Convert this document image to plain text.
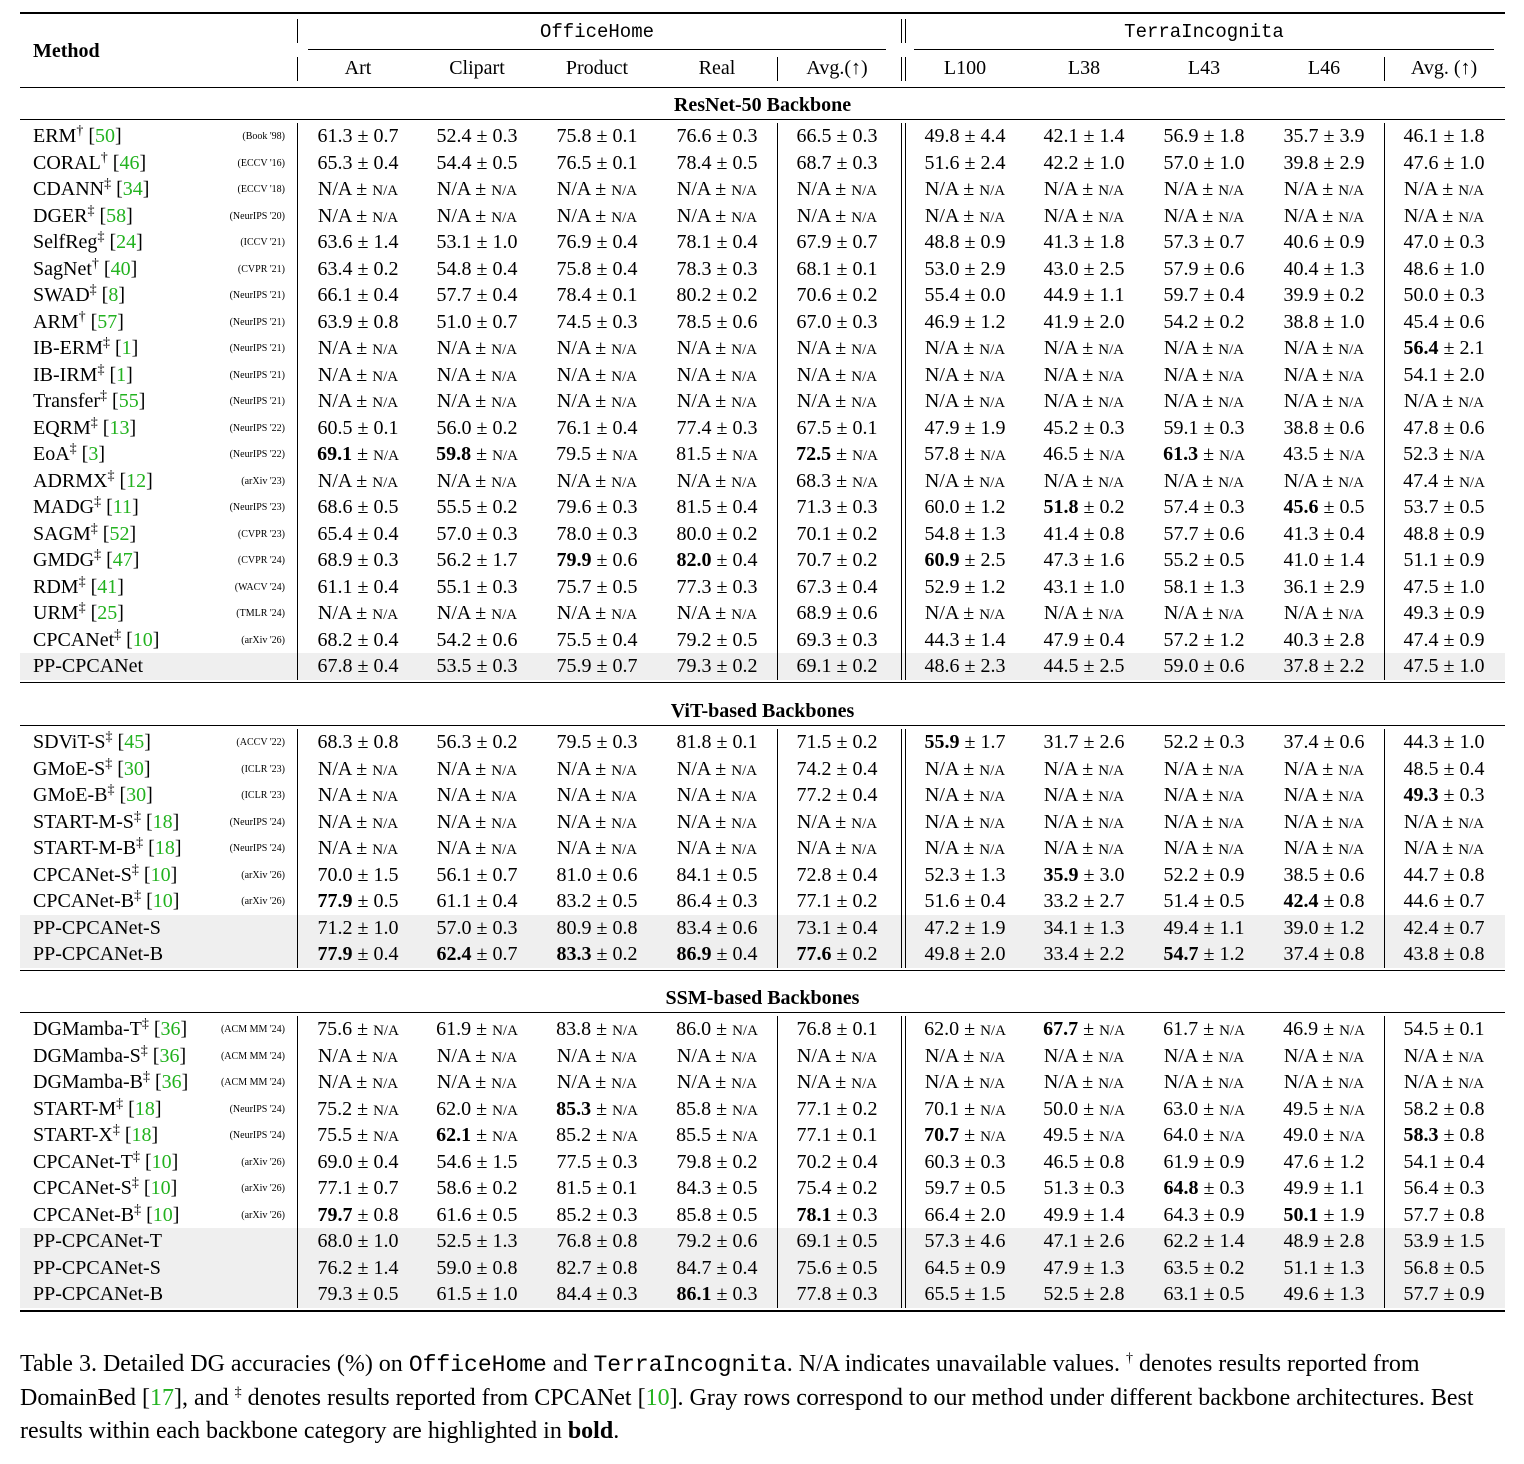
Method
OfficeHome	TerraIncognita
Art	Clipart	Product	Real	Avg.(↑)	L100	L38	L43	L46	Avg. (↑)
ResNet-50 Backbone
ERM† [50]	(Book '98)	61.3 ± 0.7	52.4 ± 0.3	75.8 ± 0.1	76.6 ± 0.3	66.5 ± 0.3	49.8 ± 4.4	42.1 ± 1.4	56.9 ± 1.8	35.7 ± 3.9	46.1 ± 1.8
CORAL† [46]	(ECCV '16)	65.3 ± 0.4	54.4 ± 0.5	76.5 ± 0.1	78.4 ± 0.5	68.7 ± 0.3	51.6 ± 2.4	42.2 ± 1.0	57.0 ± 1.0	39.8 ± 2.9	47.6 ± 1.0
CDANN‡ [34]	(ECCV '18)	N/A ± N/A	N/A ± N/A	N/A ± N/A	N/A ± N/A	N/A ± N/A	N/A ± N/A	N/A ± N/A	N/A ± N/A	N/A ± N/A	N/A ± N/A
DGER‡ [58]	(NeurIPS '20)	N/A ± N/A	N/A ± N/A	N/A ± N/A	N/A ± N/A	N/A ± N/A	N/A ± N/A	N/A ± N/A	N/A ± N/A	N/A ± N/A	N/A ± N/A
SelfReg‡ [24]	(ICCV '21)	63.6 ± 1.4	53.1 ± 1.0	76.9 ± 0.4	78.1 ± 0.4	67.9 ± 0.7	48.8 ± 0.9	41.3 ± 1.8	57.3 ± 0.7	40.6 ± 0.9	47.0 ± 0.3
SagNet† [40]	(CVPR '21)	63.4 ± 0.2	54.8 ± 0.4	75.8 ± 0.4	78.3 ± 0.3	68.1 ± 0.1	53.0 ± 2.9	43.0 ± 2.5	57.9 ± 0.6	40.4 ± 1.3	48.6 ± 1.0
SWAD‡ [8]	(NeurIPS '21)	66.1 ± 0.4	57.7 ± 0.4	78.4 ± 0.1	80.2 ± 0.2	70.6 ± 0.2	55.4 ± 0.0	44.9 ± 1.1	59.7 ± 0.4	39.9 ± 0.2	50.0 ± 0.3
ARM† [57]	(NeurIPS '21)	63.9 ± 0.8	51.0 ± 0.7	74.5 ± 0.3	78.5 ± 0.6	67.0 ± 0.3	46.9 ± 1.2	41.9 ± 2.0	54.2 ± 0.2	38.8 ± 1.0	45.4 ± 0.6
IB-ERM‡ [1]	(NeurIPS '21)	N/A ± N/A	N/A ± N/A	N/A ± N/A	N/A ± N/A	N/A ± N/A	N/A ± N/A	N/A ± N/A	N/A ± N/A	N/A ± N/A	56.4 ± 2.1
IB-IRM‡ [1]	(NeurIPS '21)	N/A ± N/A	N/A ± N/A	N/A ± N/A	N/A ± N/A	N/A ± N/A	N/A ± N/A	N/A ± N/A	N/A ± N/A	N/A ± N/A	54.1 ± 2.0
Transfer‡ [55]	(NeurIPS '21)	N/A ± N/A	N/A ± N/A	N/A ± N/A	N/A ± N/A	N/A ± N/A	N/A ± N/A	N/A ± N/A	N/A ± N/A	N/A ± N/A	N/A ± N/A
EQRM‡ [13]	(NeurIPS '22)	60.5 ± 0.1	56.0 ± 0.2	76.1 ± 0.4	77.4 ± 0.3	67.5 ± 0.1	47.9 ± 1.9	45.2 ± 0.3	59.1 ± 0.3	38.8 ± 0.6	47.8 ± 0.6
EoA‡ [3]	(NeurIPS '22)	69.1 ± N/A	59.8 ± N/A	79.5 ± N/A	81.5 ± N/A	72.5 ± N/A	57.8 ± N/A	46.5 ± N/A	61.3 ± N/A	43.5 ± N/A	52.3 ± N/A
ADRMX‡ [12]	(arXiv '23)	N/A ± N/A	N/A ± N/A	N/A ± N/A	N/A ± N/A	68.3 ± N/A	N/A ± N/A	N/A ± N/A	N/A ± N/A	N/A ± N/A	47.4 ± N/A
MADG‡ [11]	(NeurIPS '23)	68.6 ± 0.5	55.5 ± 0.2	79.6 ± 0.3	81.5 ± 0.4	71.3 ± 0.3	60.0 ± 1.2	51.8 ± 0.2	57.4 ± 0.3	45.6 ± 0.5	53.7 ± 0.5
SAGM‡ [52]	(CVPR '23)	65.4 ± 0.4	57.0 ± 0.3	78.0 ± 0.3	80.0 ± 0.2	70.1 ± 0.2	54.8 ± 1.3	41.4 ± 0.8	57.7 ± 0.6	41.3 ± 0.4	48.8 ± 0.9
GMDG‡ [47]	(CVPR '24)	68.9 ± 0.3	56.2 ± 1.7	79.9 ± 0.6	82.0 ± 0.4	70.7 ± 0.2	60.9 ± 2.5	47.3 ± 1.6	55.2 ± 0.5	41.0 ± 1.4	51.1 ± 0.9
RDM‡ [41]	(WACV '24)	61.1 ± 0.4	55.1 ± 0.3	75.7 ± 0.5	77.3 ± 0.3	67.3 ± 0.4	52.9 ± 1.2	43.1 ± 1.0	58.1 ± 1.3	36.1 ± 2.9	47.5 ± 1.0
URM‡ [25]	(TMLR '24)	N/A ± N/A	N/A ± N/A	N/A ± N/A	N/A ± N/A	68.9 ± 0.6	N/A ± N/A	N/A ± N/A	N/A ± N/A	N/A ± N/A	49.3 ± 0.9
CPCANet‡ [10]	(arXiv '26)	68.2 ± 0.4	54.2 ± 0.6	75.5 ± 0.4	79.2 ± 0.5	69.3 ± 0.3	44.3 ± 1.4	47.9 ± 0.4	57.2 ± 1.2	40.3 ± 2.8	47.4 ± 0.9
PP-CPCANet	67.8 ± 0.4	53.5 ± 0.3	75.9 ± 0.7	79.3 ± 0.2	69.1 ± 0.2	48.6 ± 2.3	44.5 ± 2.5	59.0 ± 0.6	37.8 ± 2.2	47.5 ± 1.0
ViT-based Backbones
SDViT-S‡ [45]	(ACCV '22)	68.3 ± 0.8	56.3 ± 0.2	79.5 ± 0.3	81.8 ± 0.1	71.5 ± 0.2	55.9 ± 1.7	31.7 ± 2.6	52.2 ± 0.3	37.4 ± 0.6	44.3 ± 1.0
GMoE-S‡ [30]	(ICLR '23)	N/A ± N/A	N/A ± N/A	N/A ± N/A	N/A ± N/A	74.2 ± 0.4	N/A ± N/A	N/A ± N/A	N/A ± N/A	N/A ± N/A	48.5 ± 0.4
GMoE-B‡ [30]	(ICLR '23)	N/A ± N/A	N/A ± N/A	N/A ± N/A	N/A ± N/A	77.2 ± 0.4	N/A ± N/A	N/A ± N/A	N/A ± N/A	N/A ± N/A	49.3 ± 0.3
START-M-S‡ [18]	(NeurIPS '24)	N/A ± N/A	N/A ± N/A	N/A ± N/A	N/A ± N/A	N/A ± N/A	N/A ± N/A	N/A ± N/A	N/A ± N/A	N/A ± N/A	N/A ± N/A
START-M-B‡ [18]	(NeurIPS '24)	N/A ± N/A	N/A ± N/A	N/A ± N/A	N/A ± N/A	N/A ± N/A	N/A ± N/A	N/A ± N/A	N/A ± N/A	N/A ± N/A	N/A ± N/A
CPCANet-S‡ [10]	(arXiv '26)	70.0 ± 1.5	56.1 ± 0.7	81.0 ± 0.6	84.1 ± 0.5	72.8 ± 0.4	52.3 ± 1.3	35.9 ± 3.0	52.2 ± 0.9	38.5 ± 0.6	44.7 ± 0.8
CPCANet-B‡ [10]	(arXiv '26)	77.9 ± 0.5	61.1 ± 0.4	83.2 ± 0.5	86.4 ± 0.3	77.1 ± 0.2	51.6 ± 0.4	33.2 ± 2.7	51.4 ± 0.5	42.4 ± 0.8	44.6 ± 0.7
PP-CPCANet-S	71.2 ± 1.0	57.0 ± 0.3	80.9 ± 0.8	83.4 ± 0.6	73.1 ± 0.4	47.2 ± 1.9	34.1 ± 1.3	49.4 ± 1.1	39.0 ± 1.2	42.4 ± 0.7
PP-CPCANet-B	77.9 ± 0.4	62.4 ± 0.7	83.3 ± 0.2	86.9 ± 0.4	77.6 ± 0.2	49.8 ± 2.0	33.4 ± 2.2	54.7 ± 1.2	37.4 ± 0.8	43.8 ± 0.8
SSM-based Backbones
DGMamba-T‡ [36]	(ACM MM '24)	75.6 ± N/A	61.9 ± N/A	83.8 ± N/A	86.0 ± N/A	76.8 ± 0.1	62.0 ± N/A	67.7 ± N/A	61.7 ± N/A	46.9 ± N/A	54.5 ± 0.1
DGMamba-S‡ [36]	(ACM MM '24)	N/A ± N/A	N/A ± N/A	N/A ± N/A	N/A ± N/A	N/A ± N/A	N/A ± N/A	N/A ± N/A	N/A ± N/A	N/A ± N/A	N/A ± N/A
DGMamba-B‡ [36]	(ACM MM '24)	N/A ± N/A	N/A ± N/A	N/A ± N/A	N/A ± N/A	N/A ± N/A	N/A ± N/A	N/A ± N/A	N/A ± N/A	N/A ± N/A	N/A ± N/A
START-M‡ [18]	(NeurIPS '24)	75.2 ± N/A	62.0 ± N/A	85.3 ± N/A	85.8 ± N/A	77.1 ± 0.2	70.1 ± N/A	50.0 ± N/A	63.0 ± N/A	49.5 ± N/A	58.2 ± 0.8
START-X‡ [18]	(NeurIPS '24)	75.5 ± N/A	62.1 ± N/A	85.2 ± N/A	85.5 ± N/A	77.1 ± 0.1	70.7 ± N/A	49.5 ± N/A	64.0 ± N/A	49.0 ± N/A	58.3 ± 0.8
CPCANet-T‡ [10]	(arXiv '26)	69.0 ± 0.4	54.6 ± 1.5	77.5 ± 0.3	79.8 ± 0.2	70.2 ± 0.4	60.3 ± 0.3	46.5 ± 0.8	61.9 ± 0.9	47.6 ± 1.2	54.1 ± 0.4
CPCANet-S‡ [10]	(arXiv '26)	77.1 ± 0.7	58.6 ± 0.2	81.5 ± 0.1	84.3 ± 0.5	75.4 ± 0.2	59.7 ± 0.5	51.3 ± 0.3	64.8 ± 0.3	49.9 ± 1.1	56.4 ± 0.3
CPCANet-B‡ [10]	(arXiv '26)	79.7 ± 0.8	61.6 ± 0.5	85.2 ± 0.3	85.8 ± 0.5	78.1 ± 0.3	66.4 ± 2.0	49.9 ± 1.4	64.3 ± 0.9	50.1 ± 1.9	57.7 ± 0.8
PP-CPCANet-T	68.0 ± 1.0	52.5 ± 1.3	76.8 ± 0.8	79.2 ± 0.6	69.1 ± 0.5	57.3 ± 4.6	47.1 ± 2.6	62.2 ± 1.4	48.9 ± 2.8	53.9 ± 1.5
PP-CPCANet-S	76.2 ± 1.4	59.0 ± 0.8	82.7 ± 0.8	84.7 ± 0.4	75.6 ± 0.5	64.5 ± 0.9	47.9 ± 1.3	63.5 ± 0.2	51.1 ± 1.3	56.8 ± 0.5
PP-CPCANet-B	79.3 ± 0.5	61.5 ± 1.0	84.4 ± 0.3	86.1 ± 0.3	77.8 ± 0.3	65.5 ± 1.5	52.5 ± 2.8	63.1 ± 0.5	49.6 ± 1.3	57.7 ± 0.9
Table 3. Detailed DG accuracies (%) on OfficeHome and TerraIncognita. N/A indicates unavailable values. † denotes results reported from DomainBed [17], and ‡ denotes results reported from CPCANet [10]. Gray rows correspond to our method under different backbone architectures. Best results within each backbone category are highlighted in bold.
